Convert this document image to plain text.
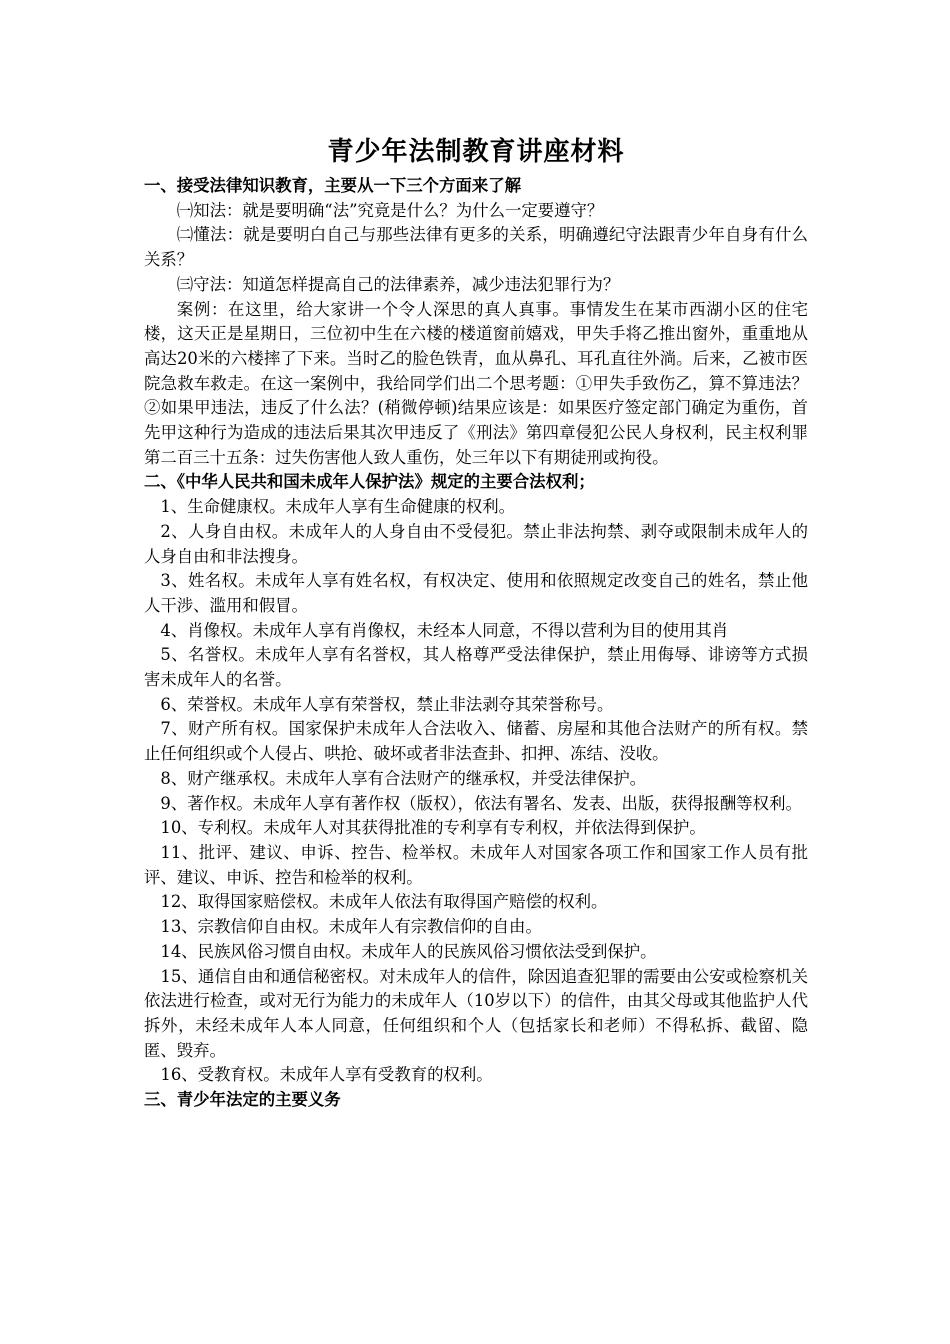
青少年法制教育讲座材料

一、接受法律知识教育，主要从一下三个方面来了解

㈠知法：就是要明确“法”究竟是什么？为什么一定要遵守？

㈡懂法：就是要明白自己与那些法律有更多的关系，明确遵纪守法跟青少年自身有什么关系？

㈢守法：知道怎样提高自己的法律素养，减少违法犯罪行为？

案例：在这里，给大家讲一个令人深思的真人真事。事情发生在某市西湖小区的住宅楼，这天正是星期日，三位初中生在六楼的楼道窗前嬉戏，甲失手将乙推出窗外，重重地从高达20米的六楼摔了下来。当时乙的脸色铁青，血从鼻孔、耳孔直往外淌。后来，乙被市医院急救车救走。在这一案例中，我给同学们出二个思考题：①甲失手致伤乙，算不算违法？②如果甲违法，违反了什么法？(稍微停顿)结果应该是：如果医疗签定部门确定为重伤，首先甲这种行为造成的违法后果其次甲违反了《刑法》第四章侵犯公民人身权利，民主权利罪第二百三十五条：过失伤害他人致人重伤，处三年以下有期徒刑或拘役。

二、《中华人民共和国未成年人保护法》规定的主要合法权利；

1、生命健康权。未成年人享有生命健康的权利。

2、人身自由权。未成年人的人身自由不受侵犯。禁止非法拘禁、剥夺或限制未成年人的人身自由和非法搜身。

3、姓名权。未成年人享有姓名权，有权决定、使用和依照规定改变自己的姓名，禁止他人干涉、滥用和假冒。

4、肖像权。未成年人享有肖像权，未经本人同意，不得以营利为目的使用其肖

5、名誉权。未成年人享有名誉权，其人格尊严受法律保护，禁止用侮辱、诽谤等方式损害未成年人的名誉。

6、荣誉权。未成年人享有荣誉权，禁止非法剥夺其荣誉称号。

7、财产所有权。国家保护未成年人合法收入、储蓄、房屋和其他合法财产的所有权。禁止任何组织或个人侵占、哄抢、破坏或者非法查卦、扣押、冻结、没收。

8、财产继承权。未成年人享有合法财产的继承权，并受法律保护。

9、著作权。未成年人享有著作权（版权），依法有署名、发表、出版，获得报酬等权利。

10、专利权。未成年人对其获得批准的专利享有专利权，并依法得到保护。

11、批评、建议、申诉、控告、检举权。未成年人对国家各项工作和国家工作人员有批评、建议、申诉、控告和检举的权利。

12、取得国家赔偿权。未成年人依法有取得国产赔偿的权利。

13、宗教信仰自由权。未成年人有宗教信仰的自由。

14、民族风俗习惯自由权。未成年人的民族风俗习惯依法受到保护。

15、通信自由和通信秘密权。对未成年人的信件，除因追查犯罪的需要由公安或检察机关依法进行检查，或对无行为能力的未成年人（10岁以下）的信件，由其父母或其他监护人代拆外，未经未成年人本人同意，任何组织和个人（包括家长和老师）不得私拆、截留、隐匿、毁弃。

16、受教育权。未成年人享有受教育的权利。

三、青少年法定的主要义务
